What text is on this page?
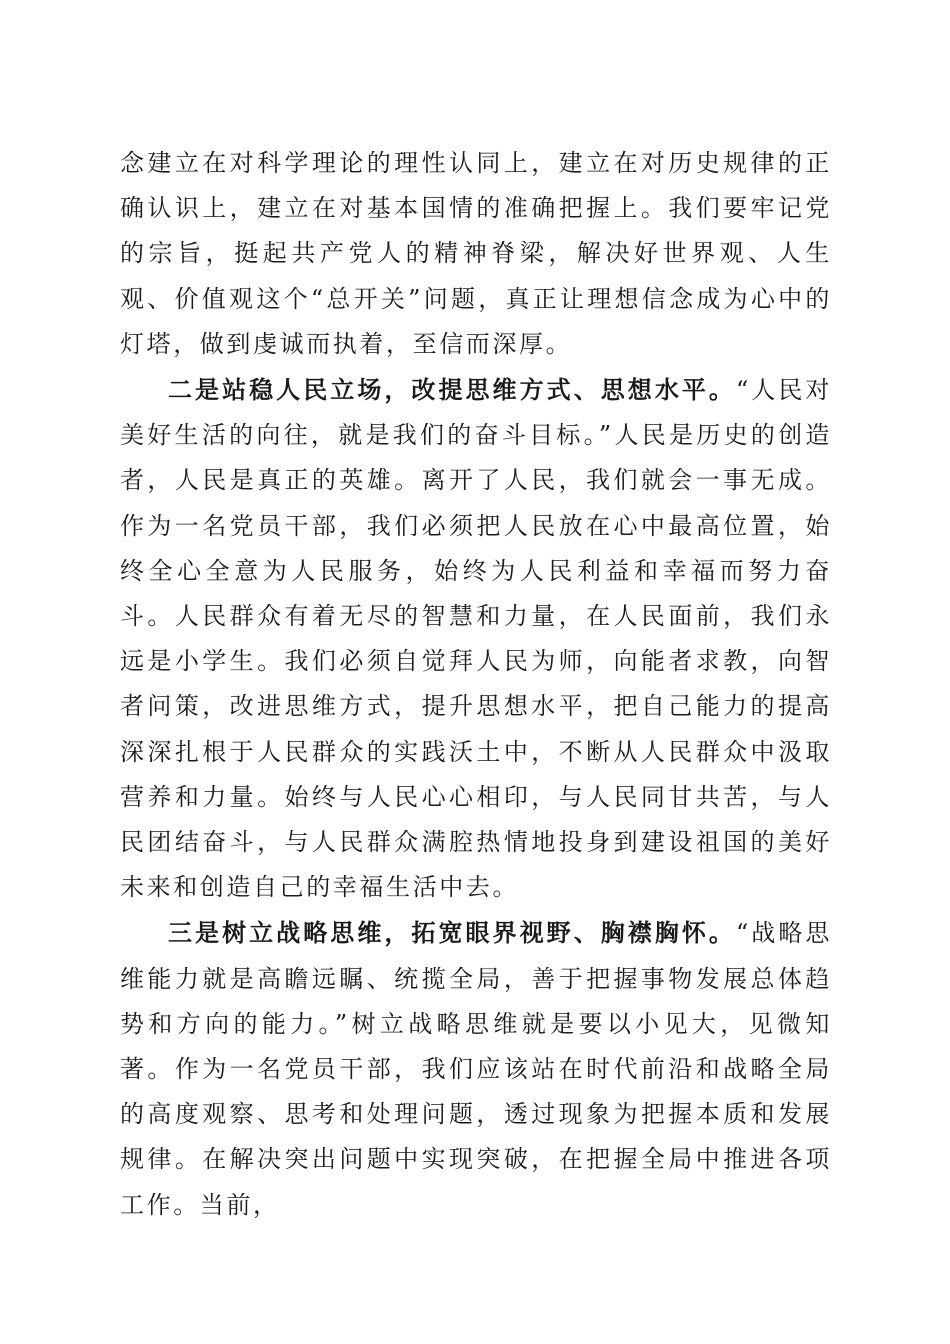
念建立在对科学理论的理性认同上，建立在对历史规律的正确认识上，建立在对基本国情的准确把握上。我们要牢记党的宗旨，挺起共产党人的精神脊梁，解决好世界观、人生观、价值观这个“总开关”问题，真正让理想信念成为心中的灯塔，做到虔诚而执着，至信而深厚。

二是站稳人民立场，改提思维方式、思想水平。“人民对美好生活的向往，就是我们的奋斗目标。”人民是历史的创造者，人民是真正的英雄。离开了人民，我们就会一事无成。作为一名党员干部，我们必须把人民放在心中最高位置，始终全心全意为人民服务，始终为人民利益和幸福而努力奋斗。人民群众有着无尽的智慧和力量，在人民面前，我们永远是小学生。我们必须自觉拜人民为师，向能者求教，向智者问策，改进思维方式，提升思想水平，把自己能力的提高深深扎根于人民群众的实践沃土中，不断从人民群众中汲取营养和力量。始终与人民心心相印，与人民同甘共苦，与人民团结奋斗，与人民群众满腔热情地投身到建设祖国的美好未来和创造自己的幸福生活中去。

三是树立战略思维，拓宽眼界视野、胸襟胸怀。“战略思维能力就是高瞻远瞩、统揽全局，善于把握事物发展总体趋势和方向的能力。”树立战略思维就是要以小见大，见微知著。作为一名党员干部，我们应该站在时代前沿和战略全局的高度观察、思考和处理问题，透过现象为把握本质和发展规律。在解决突出问题中实现突破，在把握全局中推进各项工作。当前，
